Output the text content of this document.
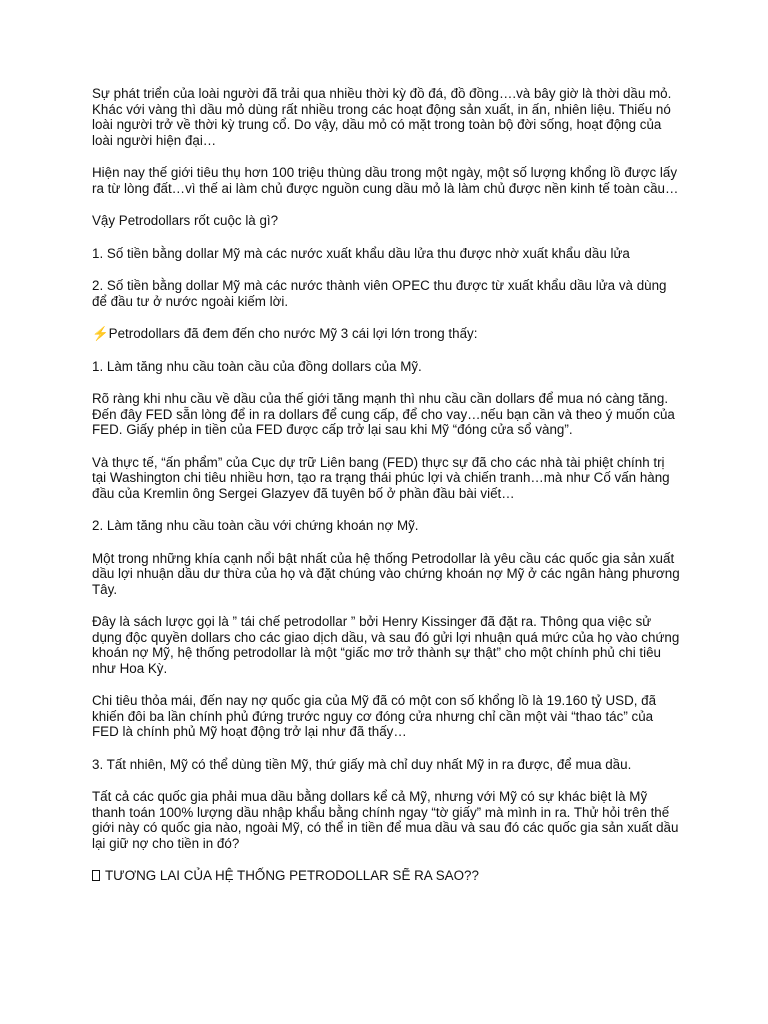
Sự phát triển của loài người đã trải qua nhiều thời kỳ đồ đá, đồ đồng….và bây giờ là thời dầu mỏ. Khác với vàng thì dầu mỏ dùng rất nhiều trong các hoạt động sản xuất, in ấn, nhiên liệu. Thiếu nó loài người trở về thời kỳ trung cổ. Do vậy, dầu mỏ có mặt trong toàn bộ đời sống, hoạt động của loài người hiện đại…

Hiện nay thế giới tiêu thụ hơn 100 triệu thùng dầu trong một ngày, một số lượng khổng lồ được lấy ra từ lòng đất…vì thế ai làm chủ được nguồn cung dầu mỏ là làm chủ được nền kinh tế toàn cầu…

Vậy Petrodollars rốt cuộc là gì?

1. Số tiền bằng dollar Mỹ mà các nước xuất khẩu dầu lửa thu được nhờ xuất khẩu dầu lửa

2. Số tiền bằng dollar Mỹ mà các nước thành viên OPEC thu được từ xuất khẩu dầu lửa và dùng để đầu tư ở nước ngoài kiếm lời.

⚡Petrodollars đã đem đến cho nước Mỹ 3 cái lợi lớn trong thấy:

1. Làm tăng nhu cầu toàn cầu của đồng dollars của Mỹ.

Rõ ràng khi nhu cầu về dầu của thế giới tăng mạnh thì nhu cầu cần dollars để mua nó càng tăng. Đến đây FED sẵn lòng để in ra dollars để cung cấp, để cho vay…nếu bạn cần và theo ý muốn của FED. Giấy phép in tiền của FED được cấp trở lại sau khi Mỹ “đóng cửa sổ vàng”.

Và thực tế, “ấn phẩm” của Cục dự trữ Liên bang (FED) thực sự đã cho các nhà tài phiệt chính trị tại Washington chi tiêu nhiều hơn, tạo ra trạng thái phúc lợi và chiến tranh…mà như Cố vấn hàng đầu của Kremlin ông Sergei Glazyev đã tuyên bố ở phần đầu bài viết…

2. Làm tăng nhu cầu toàn cầu với chứng khoán nợ Mỹ.

Một trong những khía cạnh nổi bật nhất của hệ thống Petrodollar là yêu cầu các quốc gia sản xuất dầu lợi nhuận dầu dư thừa của họ và đặt chúng vào chứng khoán nợ Mỹ ở các ngân hàng phương Tây.

Đây là sách lược gọi là ” tái chế petrodollar ” bởi Henry Kissinger đã đặt ra. Thông qua việc sử dụng độc quyền dollars cho các giao dịch dầu, và sau đó gửi lợi nhuận quá mức của họ vào chứng khoán nợ Mỹ, hệ thống petrodollar là một “giấc mơ trở thành sự thật” cho một chính phủ chi tiêu như Hoa Kỳ.

Chi tiêu thỏa mái, đến nay nợ quốc gia của Mỹ đã có một con số khổng lồ là 19.160 tỷ USD, đã khiến đôi ba lần chính phủ đứng trước nguy cơ đóng cửa nhưng chỉ cần một vài “thao tác” của FED là chính phủ Mỹ hoạt động trở lại như đã thấy…

3. Tất nhiên, Mỹ có thể dùng tiền Mỹ, thứ giấy mà chỉ duy nhất Mỹ in ra được, để mua dầu.

Tất cả các quốc gia phải mua dầu bằng dollars kể cả Mỹ, nhưng với Mỹ có sự khác biệt là Mỹ thanh toán 100% lượng dầu nhập khẩu bằng chính ngay “tờ giấy” mà mình in ra. Thử hỏi trên thế giới này có quốc gia nào, ngoài Mỹ, có thể in tiền để mua dầu và sau đó các quốc gia sản xuất dầu lại giữ nợ cho tiền in đó?

TƯƠNG LAI CỦA HỆ THỐNG PETRODOLLAR SẼ RA SAO??
